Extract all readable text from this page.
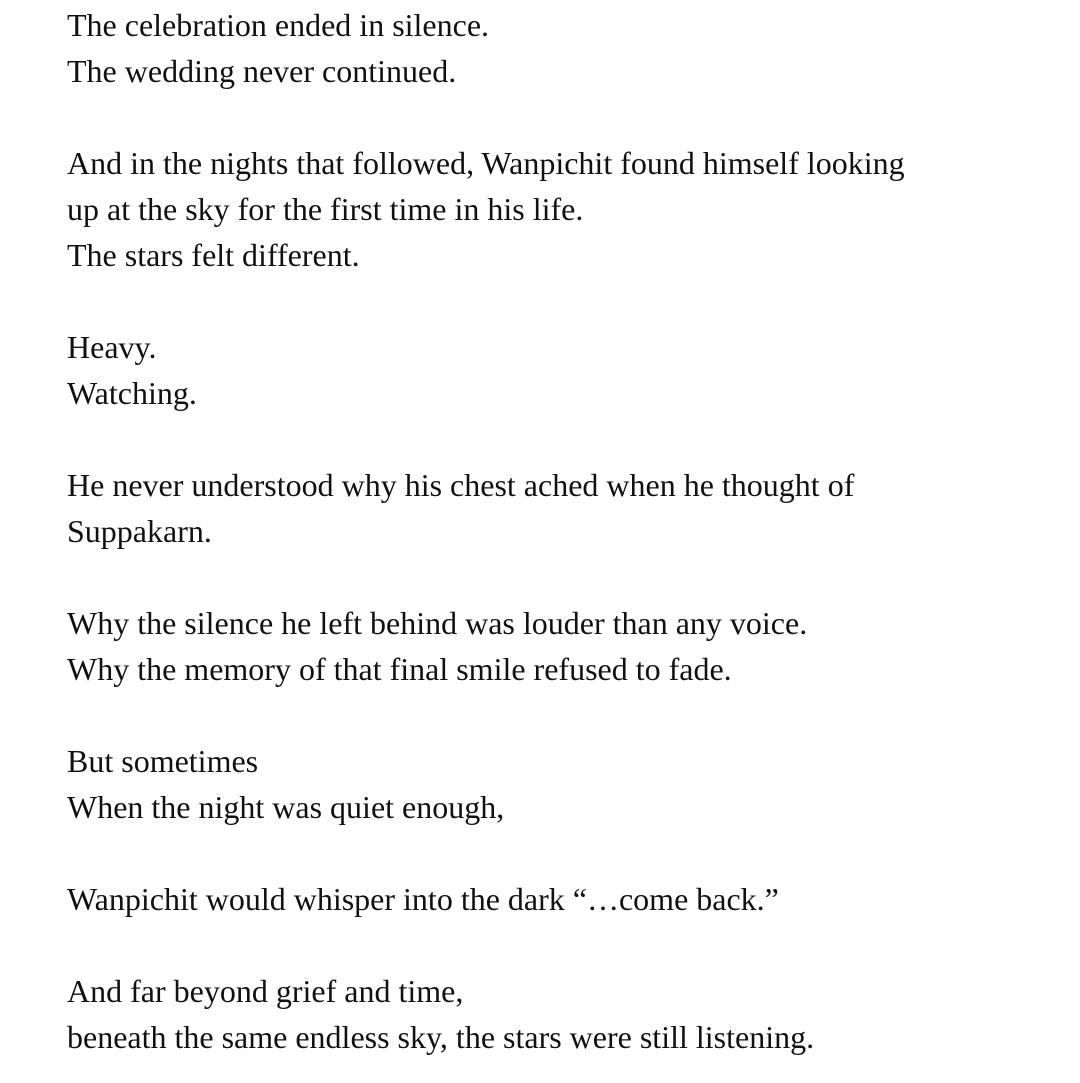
The celebration ended in silence.
The wedding never continued.
And in the nights that followed, Wanpichit found himself looking
up at the sky for the first time in his life.
The stars felt different.
Heavy.
Watching.
He never understood why his chest ached when he thought of
Suppakarn.
Why the silence he left behind was louder than any voice.
Why the memory of that final smile refused to fade.
But sometimes
When the night was quiet enough,
Wanpichit would whisper into the dark “…come back.”
And far beyond grief and time,
beneath the same endless sky, the stars were still listening.
